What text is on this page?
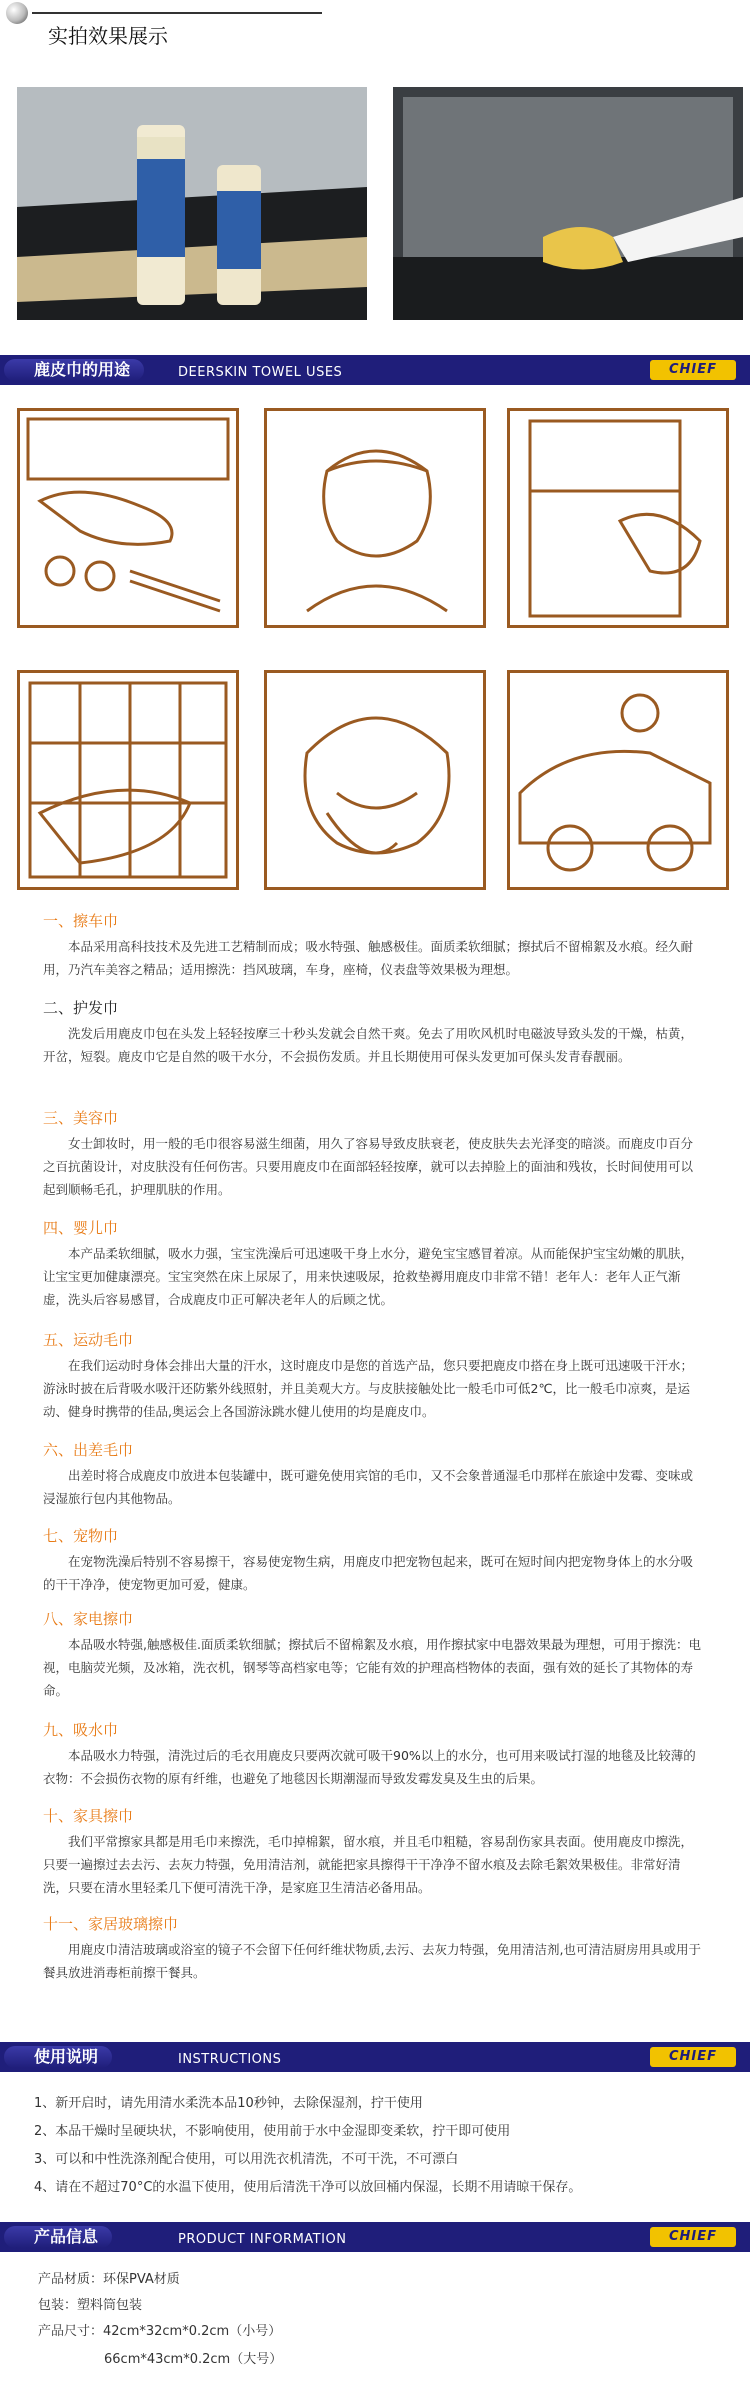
实拍效果展示
鹿皮巾的用途	DEERSKIN TOWEL USES	CHIEF
一、擦车巾
本品采用高科技技术及先进工艺精制而成；吸水特强、触感极佳。面质柔软细腻；擦拭后不留棉絮及水痕。经久耐用，乃汽车美容之精品；适用擦洗：挡风玻璃，车身，座椅，仪表盘等效果极为理想。
二、护发巾
洗发后用鹿皮巾包在头发上轻轻按摩三十秒头发就会自然干爽。免去了用吹风机时电磁波导致头发的干燥，枯黄，开岔，短裂。鹿皮巾它是自然的吸干水分，不会损伤发质。并且长期使用可保头发更加可保头发青春靓丽。
三、美容巾
女士卸妆时，用一般的毛巾很容易滋生细菌，用久了容易导致皮肤衰老，使皮肤失去光泽变的暗淡。而鹿皮巾百分之百抗菌设计，对皮肤没有任何伤害。只要用鹿皮巾在面部轻轻按摩，就可以去掉脸上的面油和残妆，长时间使用可以起到顺畅毛孔，护理肌肤的作用。
四、婴儿巾
本产品柔软细腻，吸水力强，宝宝洗澡后可迅速吸干身上水分，避免宝宝感冒着凉。从而能保护宝宝幼嫩的肌肤，让宝宝更加健康漂亮。宝宝突然在床上尿尿了，用来快速吸尿，抢救垫褥用鹿皮巾非常不错！老年人：老年人正气渐虚，洗头后容易感冒，合成鹿皮巾正可解决老年人的后顾之忧。
五、运动毛巾
在我们运动时身体会排出大量的汗水，这时鹿皮巾是您的首选产品，您只要把鹿皮巾搭在身上既可迅速吸干汗水；游泳时披在后背吸水吸汗还防紫外线照射，并且美观大方。与皮肤接触处比一般毛巾可低2℃，比一般毛巾凉爽，是运动、健身时携带的佳品,奥运会上各国游泳跳水健儿使用的均是鹿皮巾。
六、出差毛巾
出差时将合成鹿皮巾放进本包装罐中，既可避免使用宾馆的毛巾，又不会象普通湿毛巾那样在旅途中发霉、变味或浸湿旅行包内其他物品。
七、宠物巾
在宠物洗澡后特别不容易擦干，容易使宠物生病，用鹿皮巾把宠物包起来，既可在短时间内把宠物身体上的水分吸的干干净净，使宠物更加可爱，健康。
八、家电擦巾
本品吸水特强,触感极佳.面质柔软细腻；擦拭后不留棉絮及水痕，用作擦拭家中电器效果最为理想，可用于擦洗：电视，电脑荧光频，及冰箱，洗衣机，钢琴等高档家电等；它能有效的护理高档物体的表面，强有效的延长了其物体的寿命。
九、吸水巾
本品吸水力特强，清洗过后的毛衣用鹿皮只要两次就可吸干90%以上的水分，也可用来吸试打湿的地毯及比较薄的衣物：不会损伤衣物的原有纤维，也避免了地毯因长期潮湿而导致发霉发臭及生虫的后果。
十、家具擦巾
我们平常擦家具都是用毛巾来擦洗，毛巾掉棉絮，留水痕，并且毛巾粗糙，容易刮伤家具表面。使用鹿皮巾擦洗，只要一遍擦过去去污、去灰力特强，免用清洁剂，就能把家具擦得干干净净不留水痕及去除毛絮效果极佳。非常好清洗，只要在清水里轻柔几下便可清洗干净，是家庭卫生清洁必备用品。
十一、家居玻璃擦巾
用鹿皮巾清洁玻璃或浴室的镜子不会留下任何纤维状物质,去污、去灰力特强，免用清洁剂,也可清洁厨房用具或用于餐具放进消毒柜前擦干餐具。
使用说明	INSTRUCTIONS	CHIEF
1、新开启时，请先用清水柔洗本品10秒钟，去除保湿剂，拧干使用
2、本品干燥时呈硬块状，不影响使用，使用前于水中金湿即变柔软，拧干即可使用
3、可以和中性洗涤剂配合使用，可以用洗衣机清洗，不可干洗，不可漂白
4、请在不超过70°C的水温下使用，使用后清洗干净可以放回桶内保湿，长期不用请晾干保存。
产品信息	PRODUCT INFORMATION	CHIEF
产品材质：环保PVA材质
包装：塑料筒包装
产品尺寸：42cm*32cm*0.2cm（小号）
66cm*43cm*0.2cm（大号）
